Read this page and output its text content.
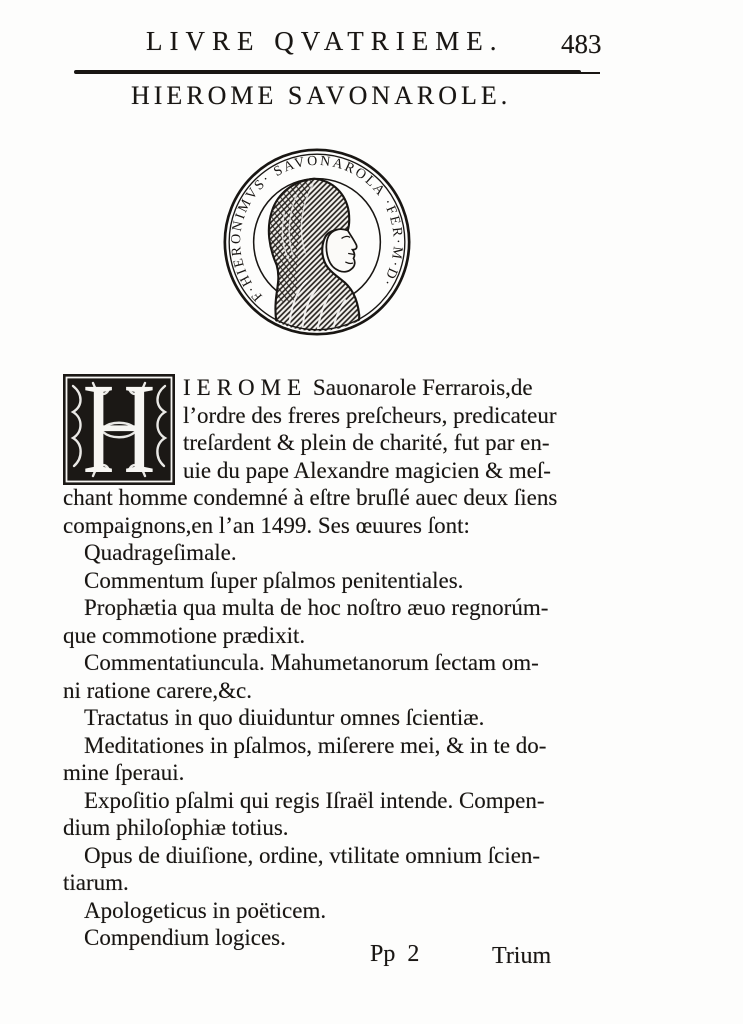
LIVRE QVATRIEME. 483
HIEROME SAVONAROLE.
F·HIERONIMVS· SAVONAROLA ·FER·M·D·
H IEROME Sauonarole Ferrarois,de
l’ordre des freres preſcheurs, predicateur
treſardent & plein de charité, fut par en-
uie du pape Alexandre magicien & meſ-
chant homme condemné à eſtre bruſlé auec deux ſiens
compaignons,en l’an 1499. Ses œuures ſont:
Quadrageſimale.
Commentum ſuper pſalmos penitentiales.
Prophætia qua multa de hoc noſtro æuo regnorúm-
que commotione prædixit.
Commentatiuncula. Mahumetanorum ſectam om-
ni ratione carere,&c.
Tractatus in quo diuiduntur omnes ſcientiæ.
Meditationes in pſalmos, miſerere mei, & in te do-
mine ſperaui.
Expoſitio pſalmi qui regis Iſraël intende. Compen-
dium philoſophiæ totius.
Opus de diuiſione, ordine, vtilitate omnium ſcien-
tiarum.
Apologeticus in poëticem.
Compendium logices.
Pp  2	Trium
